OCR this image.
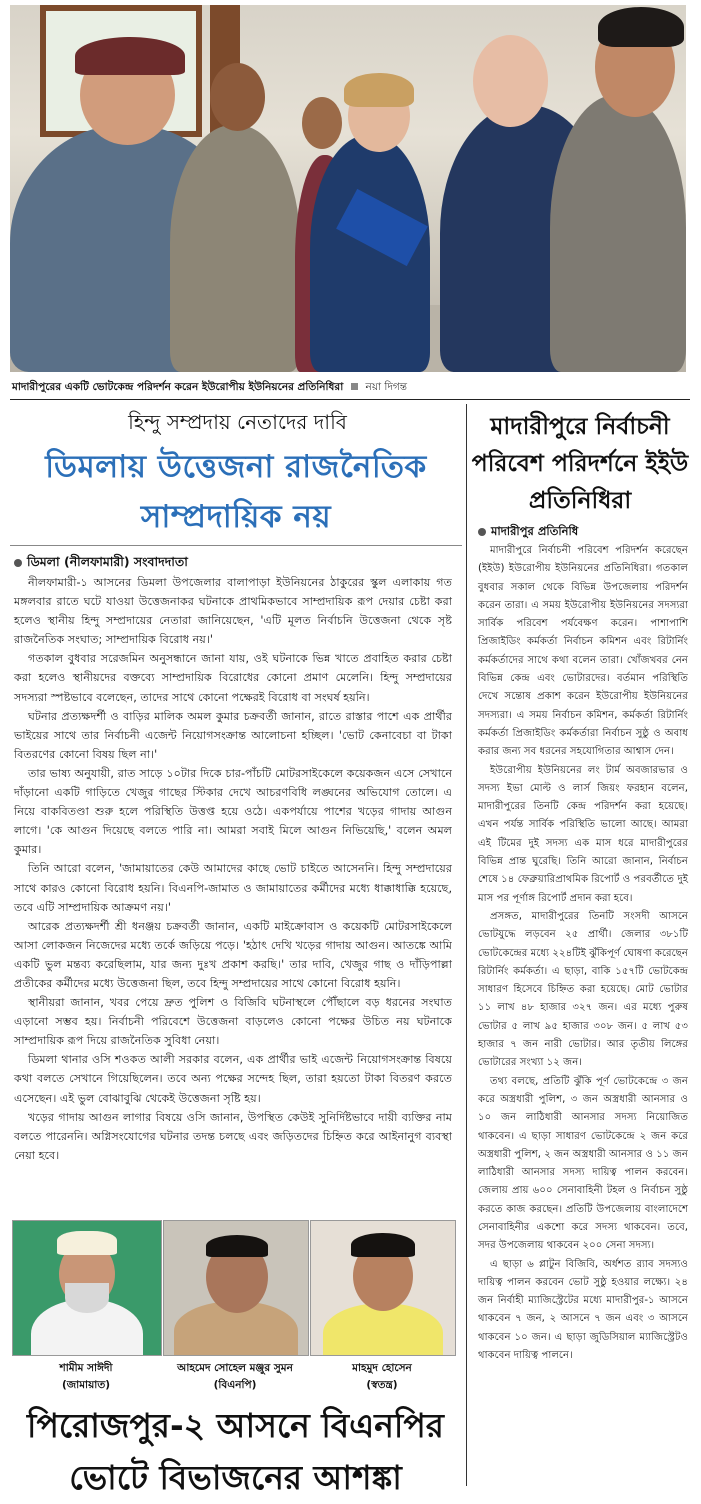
মাদারীপুরের একটি ভোটকেন্দ্র পরিদর্শন করেন ইউরোপীয় ইউনিয়নের প্রতিনিধিরা নয়া দিগন্ত
হিন্দু সম্প্রদায় নেতাদের দাবি
ডিমলায় উত্তেজনা রাজনৈতিক
সাম্প্রদায়িক নয়
ডিমলা (নীলফামারী) সংবাদদাতা

নীলফামারী-১ আসনের ডিমলা উপজেলার বালাপাড়া ইউনিয়নের ঠাকুরের স্কুল এলাকায় গত মঙ্গলবার রাতে ঘটে যাওয়া উত্তেজনাকর ঘটনাকে প্রাথমিকভাবে সাম্প্রদায়িক রূপ দেয়ার চেষ্টা করা হলেও স্থানীয় হিন্দু সম্প্রদায়ের নেতারা জানিয়েছেন, 'এটি মূলত নির্বাচনি উত্তেজনা থেকে সৃষ্ট রাজনৈতিক সংঘাত; সাম্প্রদায়িক বিরোধ নয়।'

গতকাল বুধবার সরেজমিন অনুসন্ধানে জানা যায়, ওই ঘটনাকে ভিন্ন খাতে প্রবাহিত করার চেষ্টা করা হলেও স্থানীয়দের বক্তব্যে সাম্প্রদায়িক বিরোধের কোনো প্রমাণ মেলেনি। হিন্দু সম্প্রদায়ের সদস্যরা স্পষ্টভাবে বলেছেন, তাদের সাথে কোনো পক্ষেরই বিরোধ বা সংঘর্ষ হয়নি।

ঘটনার প্রত্যক্ষদর্শী ও বাড়ির মালিক অমল কুমার চক্রবর্তী জানান, রাতে রাস্তার পাশে এক প্রার্থীর ভাইয়ের সাথে তার নির্বাচনী এজেন্ট নিয়োগসংক্রান্ত আলোচনা হচ্ছিল। 'ভোট কেনাবেচা বা টাকা বিতরণের কোনো বিষয় ছিল না।'

তার ভাষ্য অনুযায়ী, রাত সাড়ে ১০টার দিকে চার-পাঁচটি মোটরসাইকেলে কয়েকজন এসে সেখানে দাঁড়ানো একটি গাড়িতে খেজুর গাছের স্টিকার দেখে আচরণবিধি লঙ্ঘনের অভিযোগ তোলে। এ নিয়ে বাকবিতণ্ডা শুরু হলে পরিস্থিতি উত্তপ্ত হয়ে ওঠে। একপর্যায়ে পাশের খড়ের গাদায় আগুন লাগে। 'কে আগুন দিয়েছে বলতে পারি না। আমরা সবাই মিলে আগুন নিভিয়েছি,' বলেন অমল কুমার।

তিনি আরো বলেন, 'জামায়াতের কেউ আমাদের কাছে ভোট চাইতে আসেননি। হিন্দু সম্প্রদায়ের সাথে কারও কোনো বিরোধ হয়নি। বিএনপি-জামাত ও জামায়াতের কর্মীদের মধ্যে ধাক্কাধাক্কি হয়েছে, তবে এটি সাম্প্রদায়িক আক্রমণ নয়।'

আরেক প্রত্যক্ষদর্শী শ্রী ধনঞ্জয় চক্রবর্তী জানান, একটি মাইক্রোবাস ও কয়েকটি মোটরসাইকেলে আসা লোকজন নিজেদের মধ্যে তর্কে জড়িয়ে পড়ে। 'হঠাৎ দেখি খড়ের গাদায় আগুন। আতঙ্কে আমি একটি ভুল মন্তব্য করেছিলাম, যার জন্য দুঃখ প্রকাশ করছি।' তার দাবি, খেজুর গাছ ও দাঁড়িপাল্লা প্রতীকের কর্মীদের মধ্যে উত্তেজনা ছিল, তবে হিন্দু সম্প্রদায়ের সাথে কোনো বিরোধ হয়নি।

স্থানীয়রা জানান, খবর পেয়ে দ্রুত পুলিশ ও বিজিবি ঘটনাস্থলে পৌঁছালে বড় ধরনের সংঘাত এড়ানো সম্ভব হয়। নির্বাচনী পরিবেশে উত্তেজনা বাড়লেও কোনো পক্ষের উচিত নয় ঘটনাকে সাম্প্রদায়িক রূপ দিয়ে রাজনৈতিক সুবিধা নেয়া।

ডিমলা থানার ওসি শওকত আলী সরকার বলেন, এক প্রার্থীর ভাই এজেন্ট নিয়োগসংক্রান্ত বিষয়ে কথা বলতে সেখানে গিয়েছিলেন। তবে অন্য পক্ষের সন্দেহ ছিল, তারা হয়তো টাকা বিতরণ করতে এসেছেন। এই ভুল বোঝাবুঝি থেকেই উত্তেজনা সৃষ্টি হয়।

খড়ের গাদায় আগুন লাগার বিষয়ে ওসি জানান, উপস্থিত কেউই সুনির্দিষ্টভাবে দায়ী ব্যক্তির নাম বলতে পারেননি। অগ্নিসংযোগের ঘটনার তদন্ত চলছে এবং জড়িতদের চিহ্নিত করে আইনানুগ ব্যবস্থা নেয়া হবে।

মাদারীপুরে নির্বাচনী পরিবেশ পরিদর্শনে ইইউ প্রতিনিধিরা
মাদারীপুর প্রতিনিধি

মাদারীপুরে নির্বাচনী পরিবেশ পরিদর্শন করেছেন (ইইউ) ইউরোপীয় ইউনিয়নের প্রতিনিধিরা। গতকাল বুধবার সকাল থেকে বিভিন্ন উপজেলায় পরিদর্শন করেন তারা। এ সময় ইউরোপীয় ইউনিয়নের সদস্যরা সার্বিক পরিবেশ পর্যবেক্ষণ করেন। পাশাপাশি প্রিজাইডিং কর্মকর্তা নির্বাচন কমিশন এবং রিটার্নিং কর্মকর্তাদের সাথে কথা বলেন তারা। খোঁজখবর নেন বিভিন্ন কেন্দ্র এবং ভোটারদের। বর্তমান পরিস্থিতি দেখে সন্তোষ প্রকাশ করেন ইউরোপীয় ইউনিয়নের সদস্যরা। এ সময় নির্বাচন কমিশন, কর্মকর্তা রিটার্নিং কর্মকর্তা প্রিজাইডিং কর্মকর্তারা নির্বাচন সুষ্ঠু ও অবাধ করার জন্য সব ধরনের সহযোগিতার আশ্বাস দেন।

ইউরোপীয় ইউনিয়নের লং টার্ম অবজারভার ও সদস্য ইভা মোল্ট ও লার্স জিয়ং ফরহান বলেন, মাদারীপুরের তিনটি কেন্দ্র পরিদর্শন করা হয়েছে। এখন পর্যন্ত সার্বিক পরিস্থিতি ভালো আছে। আমরা এই টিমের দুই সদস্য এক মাস ধরে মাদারীপুরের বিভিন্ন প্রান্ত ঘুরেছি। তিনি আরো জানান, নির্বাচন শেষে ১৪ ফেব্রুয়ারিপ্রাথমিক রিপোর্ট ও পরবর্তীতে দুই মাস পর পূর্ণাঙ্গ রিপোর্ট প্রদান করা হবে।

প্রসঙ্গত, মাদারীপুরের তিনটি সংসদী আসনে ভোটযুদ্ধে লড়বেন ২৫ প্রার্থী। জেলার ৩৮১টি ভোটকেন্দ্রের মধ্যে ২২৪টিই ঝুঁকিপূর্ণ ঘোষণা করেছেন রিটার্নিং কর্মকর্তা। এ ছাড়া, বাকি ১৫৭টি ভোটকেন্দ্র সাধারণ হিসেবে চিহ্নিত করা হয়েছে। মোট ভোটার ১১ লাখ ৪৮ হাজার ৩২৭ জন। এর মধ্যে পুরুষ ভোটার ৫ লাখ ৯৫ হাজার ৩০৮ জন। ৫ লাখ ৫৩ হাজার ৭ জন নারী ভোটার। আর তৃতীয় লিঙ্গের ভোটারের সংখ্যা ১২ জন।

তথ্য বলছে, প্রতিটি ঝুঁকি পূর্ণ ভোটকেন্দ্রে ৩ জন করে অস্ত্রধারী পুলিশ, ৩ জন অস্ত্রধারী আনসার ও ১০ জন লাঠিধারী আনসার সদস্য নিয়োজিত থাকবেন। এ ছাড়া সাধারণ ভোটকেন্দ্রে ২ জন করে অস্ত্রধারী পুলিশ, ২ জন অস্ত্রধারী আনসার ও ১১ জন লাঠিধারী আনসার সদস্য দায়িত্ব পালন করবেন। জেলায় প্রায় ৬০০ সেনাবাহিনী টহল ও নির্বাচন সুষ্ঠু করতে কাজ করছেন। প্রতিটি উপজেলায় বাংলাদেশে সেনাবাহিনীর একশো করে সদস্য থাকবেন। তবে, সদর উপজেলায় থাকবেন ২০০ সেনা সদস্য।

এ ছাড়া ৬ প্লাটুন বিজিবি, অর্ধশত র‍্যাব সদস্যও দায়িত্ব পালন করবেন ভোট সুষ্ঠু হওয়ার লক্ষ্যে। ২৪ জন নির্বাহী ম্যাজিস্ট্রেটের মধ্যে মাদারীপুর-১ আসনে থাকবেন ৭ জন, ২ আসনে ৭ জন এবং ৩ আসনে থাকবেন ১০ জন। এ ছাড়া জুডিসিয়াল ম্যাজিস্ট্রেটও থাকবেন দায়িত্ব পালনে।

শামীম সাঈদী
(জামায়াত)
আহমেদ সোহেল মঞ্জুর সুমন
(বিএনপি)
মাহমুদ হোসেন
(স্বতন্ত্র)
পিরোজপুর-২ আসনে বিএনপির
ভোটে বিভাজনের আশঙ্কা
